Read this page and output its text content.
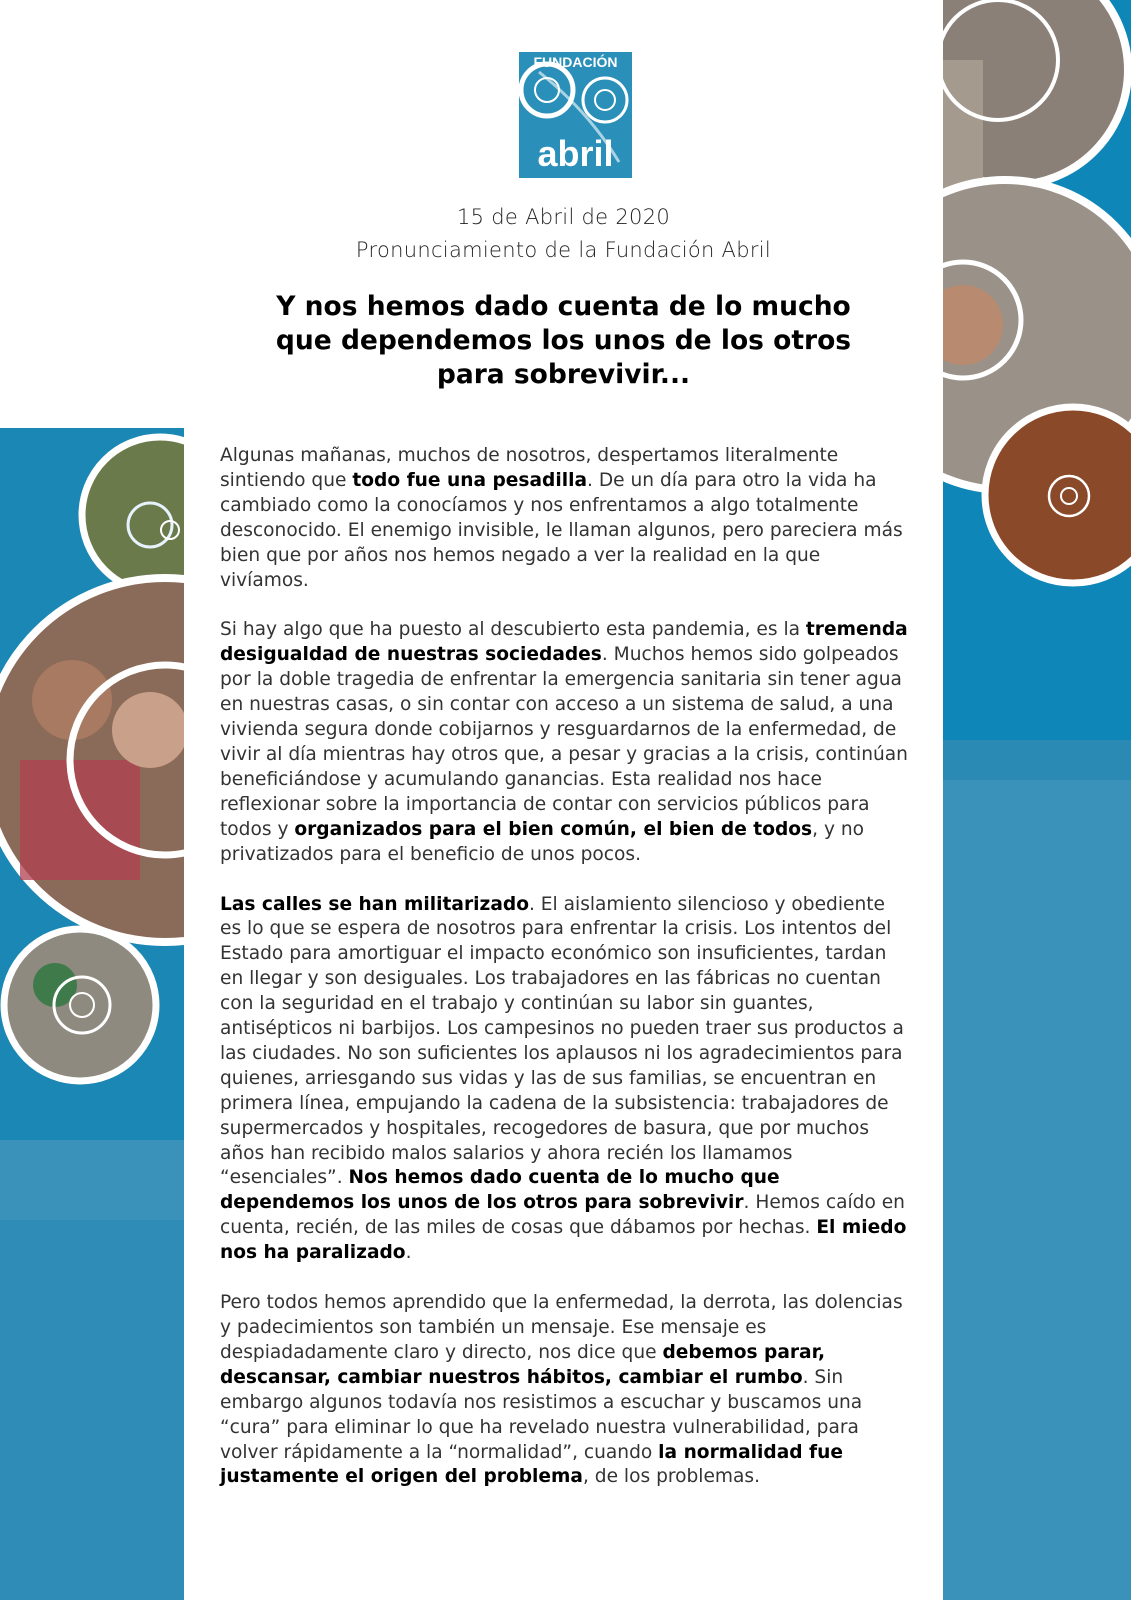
FUNDACIÓN
abril
15 de Abril de 2020
Pronunciamiento de la Fundación Abril
Y nos hemos dado cuenta de lo mucho
que dependemos los unos de los otros
para sobrevivir...

Algunas mañanas, muchos de nosotros, despertamos literalmente sintiendo que todo fue una pesadilla. De un día para otro la vida ha cambiado como la conocíamos y nos enfrentamos a algo totalmente desconocido. El enemigo invisible, le llaman algunos, pero pareciera más bien que por años nos hemos negado a ver la realidad en la que vivíamos.

Si hay algo que ha puesto al descubierto esta pandemia, es la tremenda desigualdad de nuestras sociedades. Muchos hemos sido golpeados por la doble tragedia de enfrentar la emergencia sanitaria sin tener agua en nuestras casas, o sin contar con acceso a un sistema de salud, a una vivienda segura donde cobijarnos y resguardarnos de la enfermedad, de vivir al día mientras hay otros que, a pesar y gracias a la crisis, continúan beneficiándose y acumulando ganancias. Esta realidad nos hace reflexionar sobre la importancia de contar con servicios públicos para todos y organizados para el bien común, el bien de todos, y no privatizados para el beneficio de unos pocos.

Las calles se han militarizado. El aislamiento silencioso y obediente es lo que se espera de nosotros para enfrentar la crisis. Los intentos del Estado para amortiguar el impacto económico son insuficientes, tardan en llegar y son desiguales. Los trabajadores en las fábricas no cuentan con la seguridad en el trabajo y continúan su labor sin guantes, antisépticos ni barbijos. Los campesinos no pueden traer sus productos a las ciudades. No son suficientes los aplausos ni los agradecimientos para quienes, arriesgando sus vidas y las de sus familias, se encuentran en primera línea, empujando la cadena de la subsistencia: trabajadores de supermercados y hospitales, recogedores de basura, que por muchos años han recibido malos salarios y ahora recién los llamamos “esenciales”. Nos hemos dado cuenta de lo mucho que dependemos los unos de los otros para sobrevivir. Hemos caído en cuenta, recién, de las miles de cosas que dábamos por hechas. El miedo nos ha paralizado.

Pero todos hemos aprendido que la enfermedad, la derrota, las dolencias y padecimientos son también un mensaje. Ese mensaje es despiadadamente claro y directo, nos dice que debemos parar, descansar, cambiar nuestros hábitos, cambiar el rumbo. Sin embargo algunos todavía nos resistimos a escuchar y buscamos una “cura” para eliminar lo que ha revelado nuestra vulnerabilidad, para volver rápidamente a la “normalidad”, cuando la normalidad fue justamente el origen del problema, de los problemas.
